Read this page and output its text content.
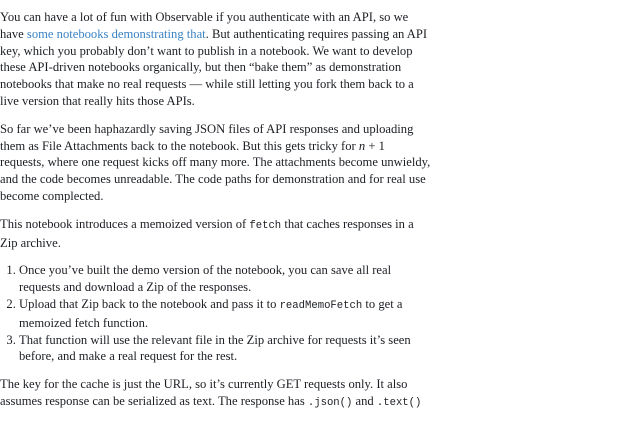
You can have a lot of fun with Observable if you authenticate with an API, so we have some notebooks demonstrating that. But authenticating requires passing an API key, which you probably don’t want to publish in a notebook. We want to develop these API-driven notebooks organically, but then “bake them” as demonstration notebooks that make no real requests — while still letting you fork them back to a live version that really hits those APIs.

So far we’ve been haphazardly saving JSON files of API responses and uploading them as File Attachments back to the notebook. But this gets tricky for n + 1 requests, where one request kicks off many more. The attachments become unwieldy, and the code becomes unreadable. The code paths for demonstration and for real use become complected.

This notebook introduces a memoized version of fetch that caches responses in a Zip archive.

1. Once you’ve built the demo version of the notebook, you can save all real requests and download a Zip of the responses.
2. Upload that Zip back to the notebook and pass it to readMemoFetch to get a memoized fetch function.
3. That function will use the relevant file in the Zip archive for requests it’s seen before, and make a real request for the rest.

The key for the cache is just the URL, so it’s currently GET requests only. It also assumes response can be serialized as text. The response has .json() and .text()
